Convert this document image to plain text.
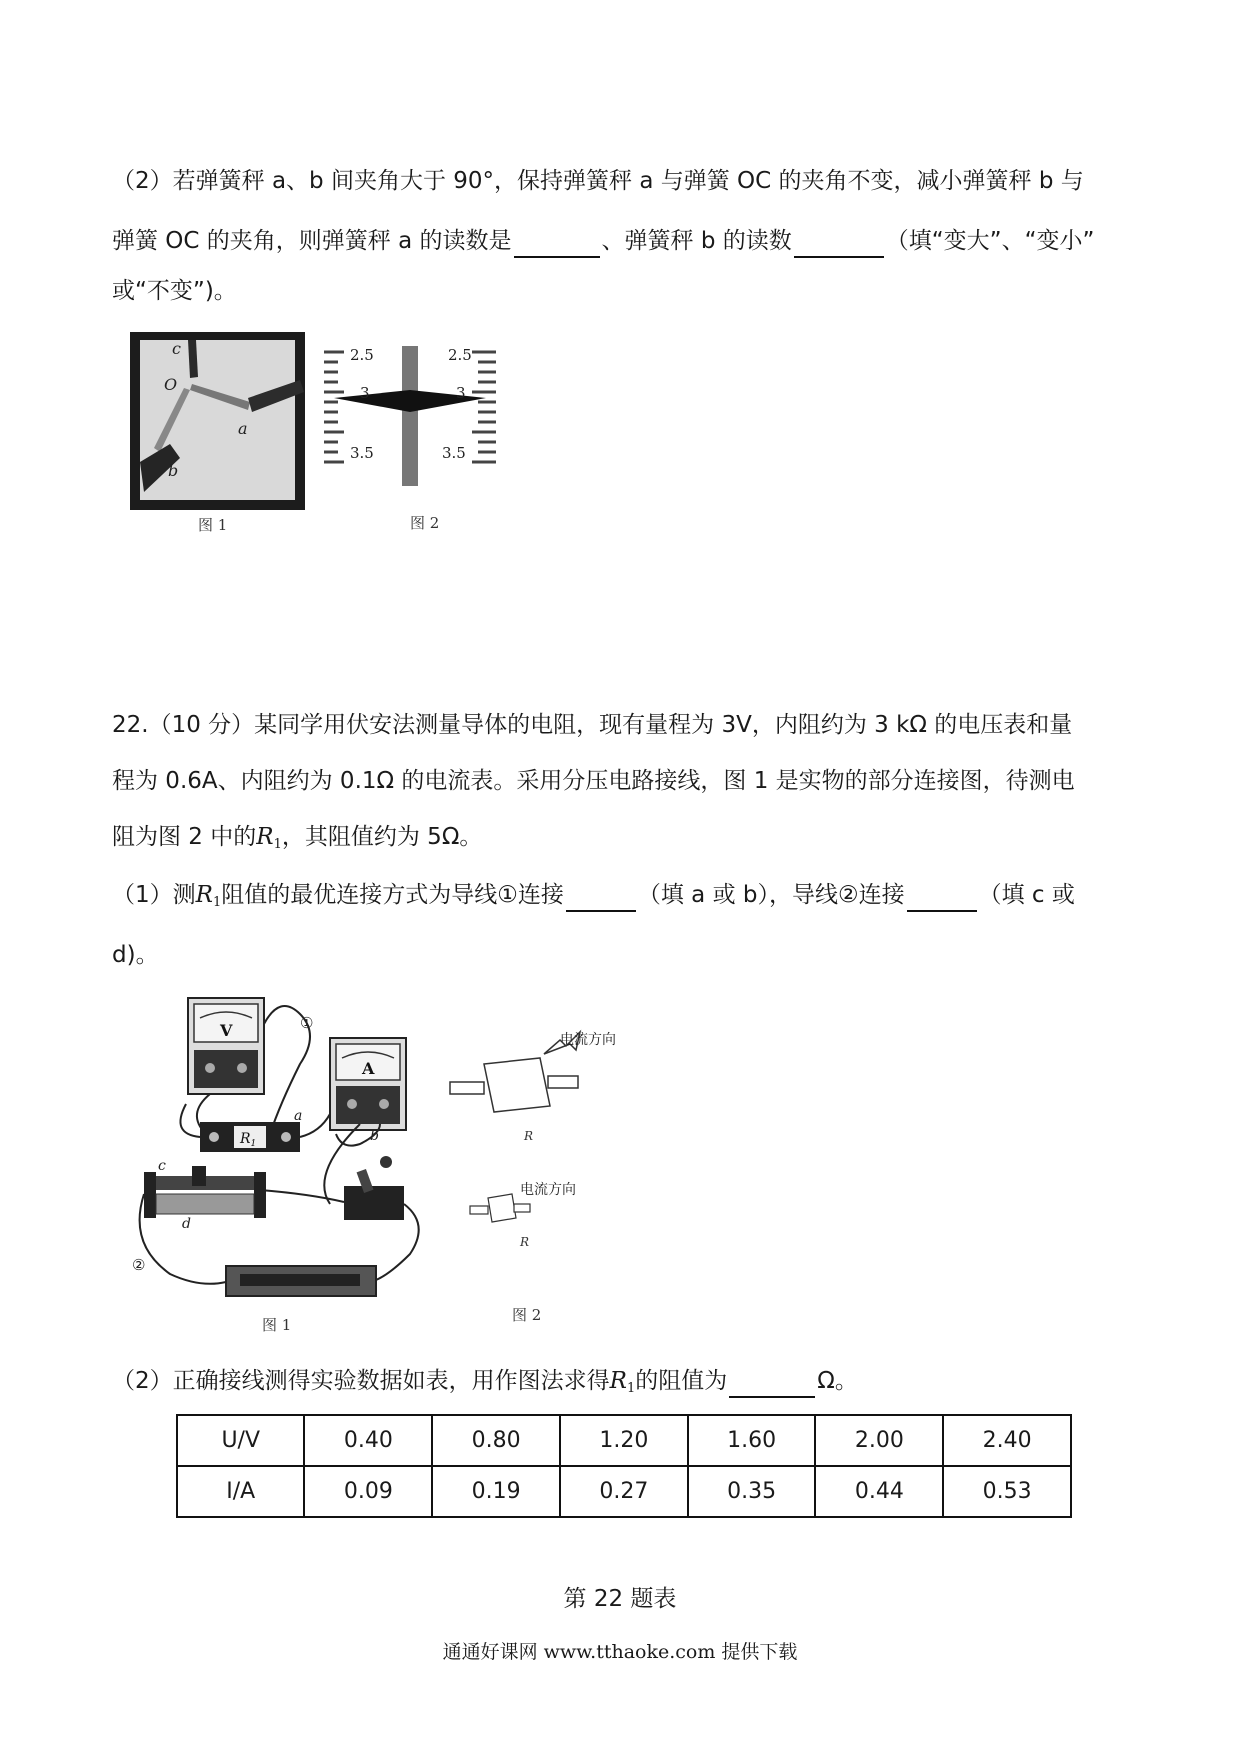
（2）若弹簧秤 a、b 间夹角大于 90°，保持弹簧秤 a 与弹簧 OC 的夹角不变，减小弹簧秤 b 与
弹簧 OC 的夹角，则弹簧秤 a 的读数是	、弹簧秤 b 的读数	（填“变大”、“变小”
或“不变”)。
c
O
a
b
图 1
2.5
3
3.5
2.5
3
3.5
图 2
22.（10 分）某同学用伏安法测量导体的电阻，现有量程为 3V，内阻约为 3 kΩ 的电压表和量
程为 0.6A、内阻约为 0.1Ω 的电流表。采用分压电路接线，图 1 是实物的部分连接图，待测电
阻为图 2 中的$R_1$，其阻值约为 5Ω。
（1）测$R_1$阻值的最优连接方式为导线①连接	（填 a 或 b），导线②连接	（填 c 或
d)。
V
A
$R_1$
①
②
a
b
c
d
图 1
R
电流方向
R
电流方向
图 2
（2）正确接线测得实验数据如表，用作图法求得$R_1$的阻值为	Ω。
U/V	0.40	0.80	1.20	1.60	2.00	2.40
I/A	0.09	0.19	0.27	0.35	0.44	0.53
第 22 题表
通通好课网 www.tthaoke.com 提供下载
